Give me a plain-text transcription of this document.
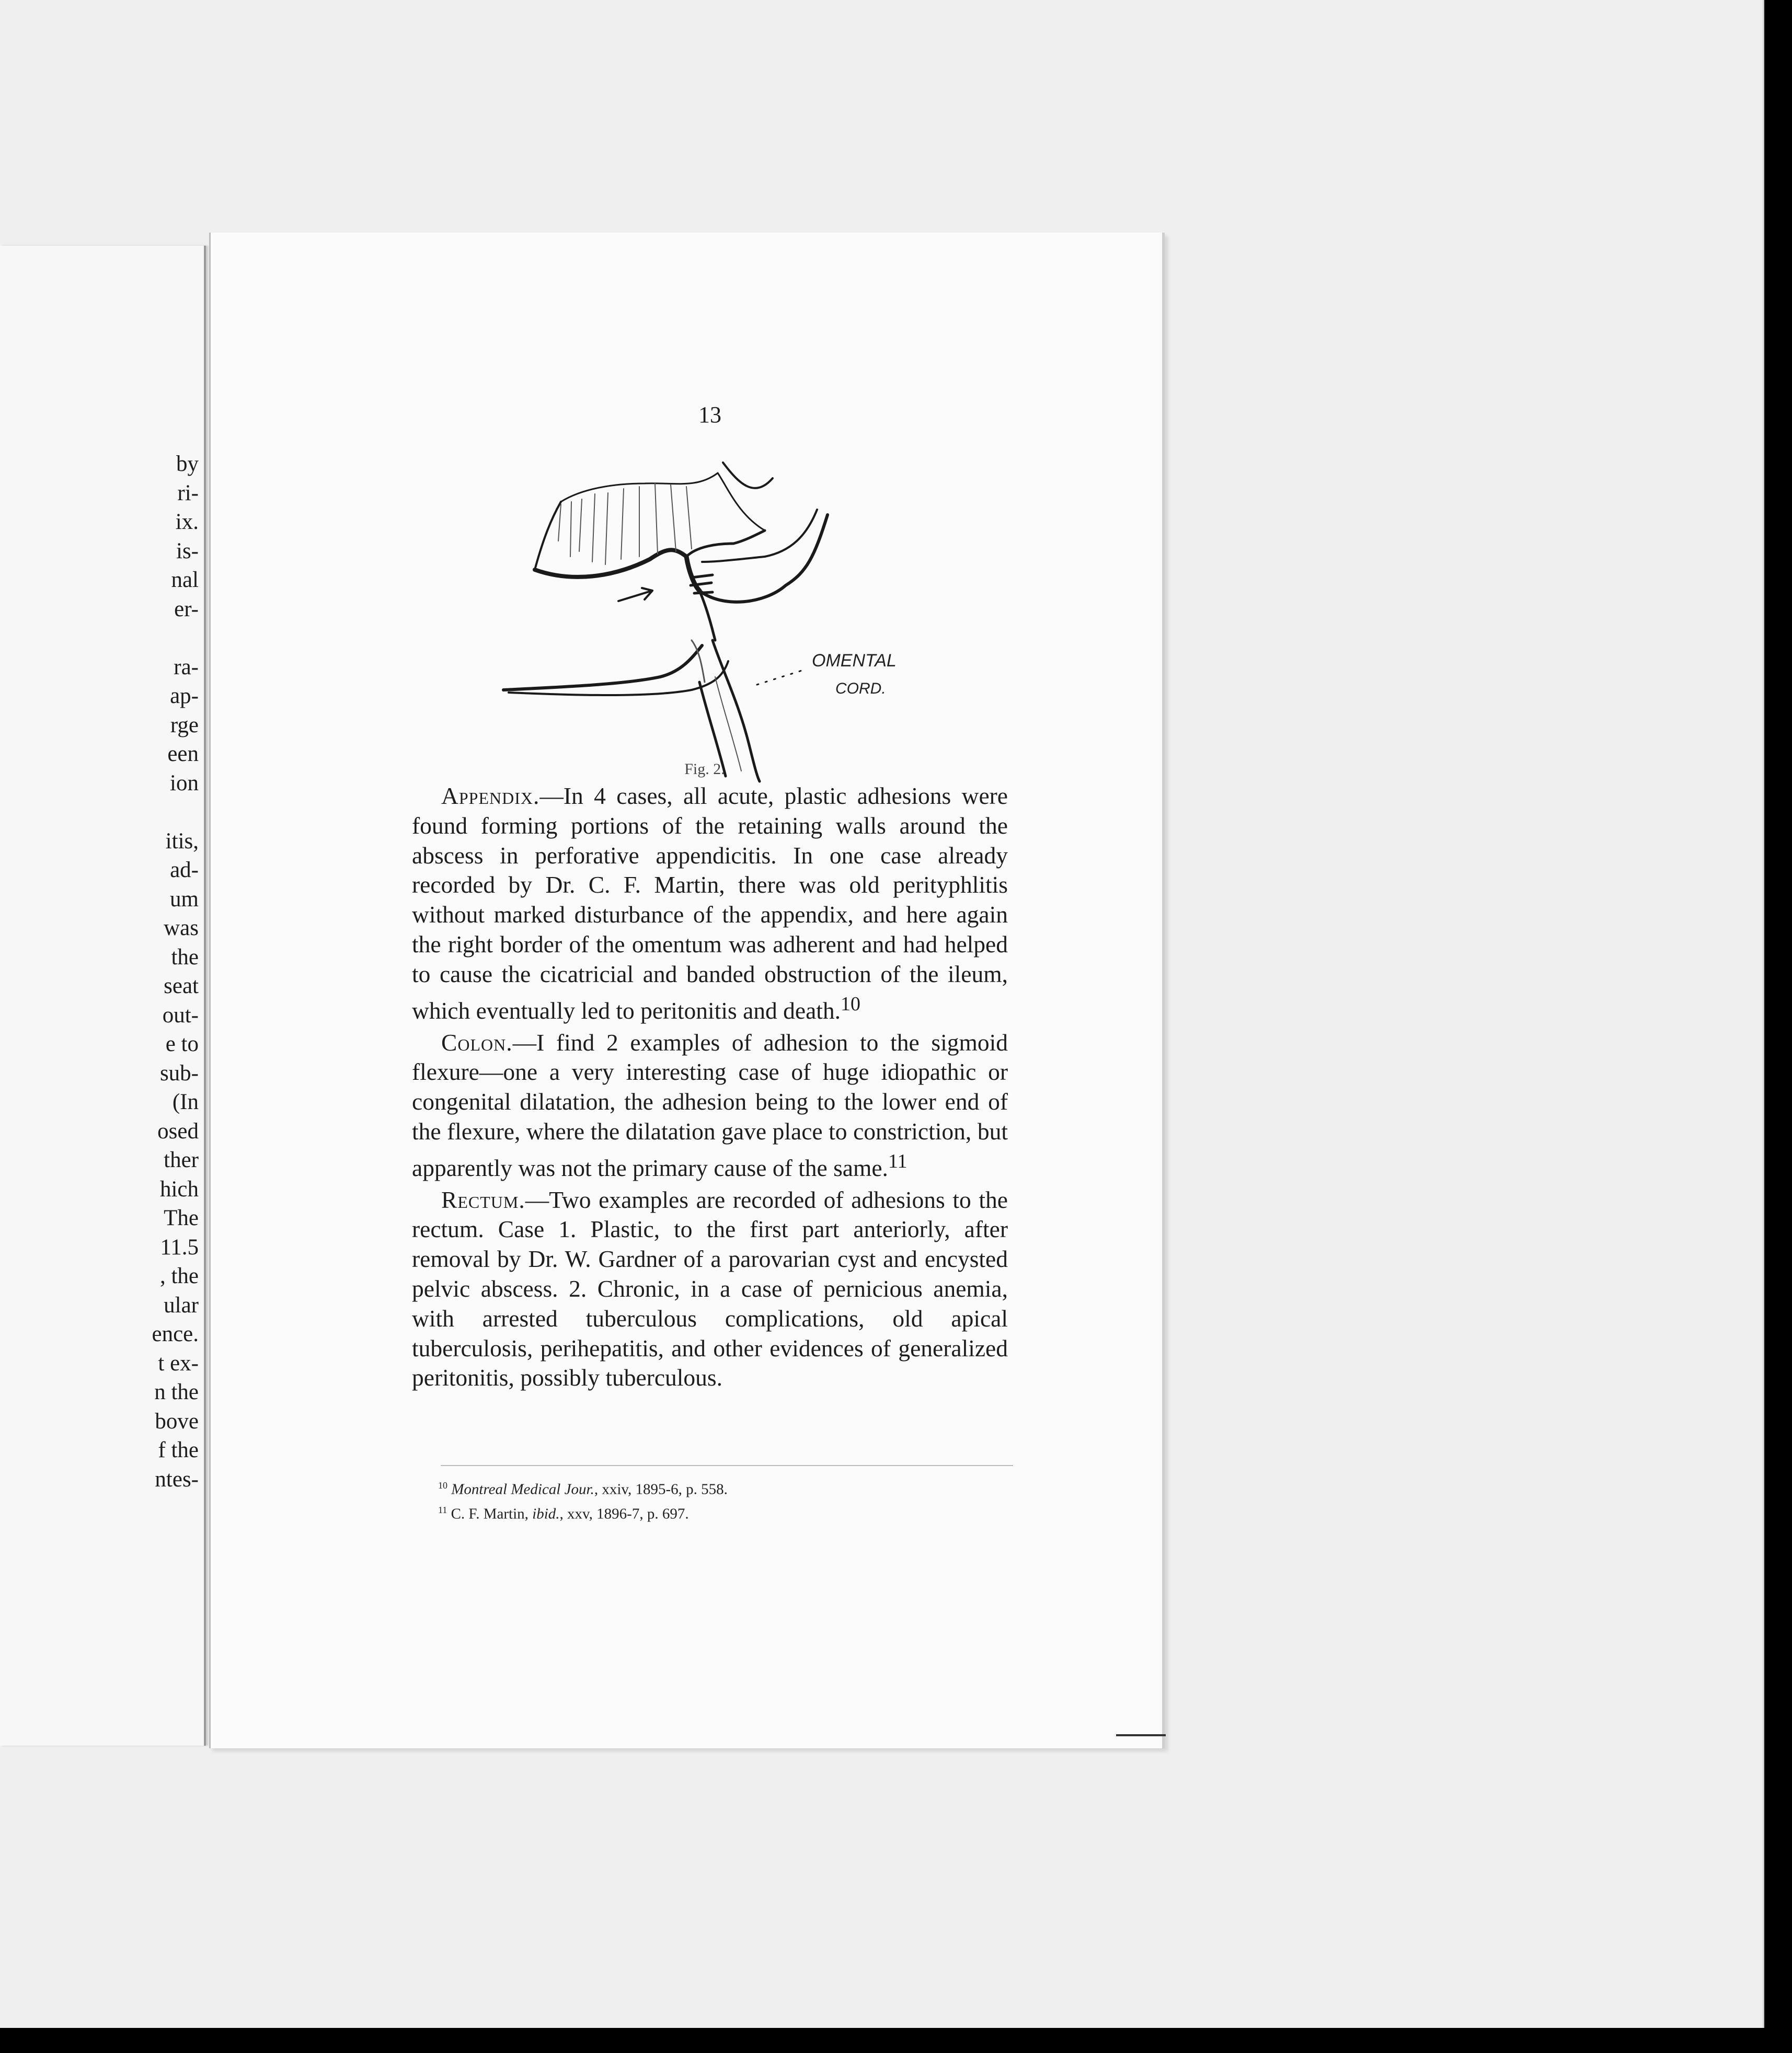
by
ri-
ix.
is-
nal
er-
ra-
ap-
rge
een
ion
itis,
ad-
um
was
the
seat
out-
e to
sub-
(In
osed
ther
hich
The
11.5
, the
ular
ence.
t ex-
n the
bove
f the
ntes-
13
OMENTAL
CORD.
Fig. 2.

Appendix.—In 4 cases, all acute, plastic adhesions were found forming portions of the retaining walls around the abscess in perforative appendicitis. In one case already recorded by Dr. C. F. Martin, there was old perityphlitis without marked disturbance of the appendix, and here again the right border of the omentum was adherent and had helped to cause the cicatricial and banded obstruction of the ileum, which eventually led to peritonitis and death.$^{10}$

Colon.—I find 2 examples of adhesion to the sigmoid flexure—one a very interesting case of huge idiopathic or congenital dilatation, the adhesion being to the lower end of the flexure, where the dilatation gave place to constriction, but apparently was not the primary cause of the same.$^{11}$

Rectum.—Two examples are recorded of adhesions to the rectum. Case 1. Plastic, to the first part anteriorly, after removal by Dr. W. Gardner of a parovarian cyst and encysted pelvic abscess. 2. Chronic, in a case of pernicious anemia, with arrested tuberculous complications, old apical tuberculosis, perihepatitis, and other evidences of generalized peritonitis, possibly tuberculous.

$^{10}$ Montreal Medical Jour., xxiv, 1895-6, p. 558.
$^{11}$ C. F. Martin, ibid., xxv, 1896-7, p. 697.
